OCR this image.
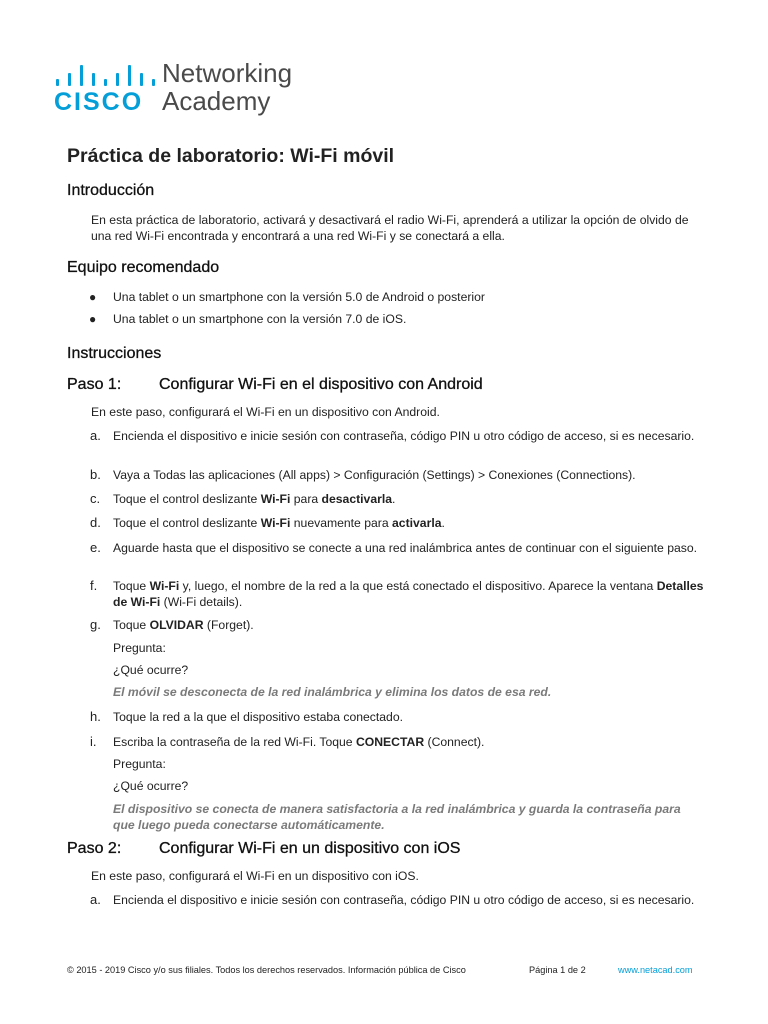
CISCO
Networking
Academy
Práctica de laboratorio: Wi-Fi móvil
Introducción

En esta práctica de laboratorio, activará y desactivará el radio Wi-Fi, aprenderá a utilizar la opción de olvido de una red Wi-Fi encontrada y encontrará a una red Wi-Fi y se conectará a ella.

Equipo recomendado
● Una tablet o un smartphone con la versión 5.0 de Android o posterior

● Una tablet o un smartphone con la versión 7.0 de iOS.

Instrucciones
Paso 1: Configurar Wi-Fi en el dispositivo con Android

En este paso, configurará el Wi-Fi en un dispositivo con Android.

a. Encienda el dispositivo e inicie sesión con contraseña, código PIN u otro código de acceso, si es necesario.

b. Vaya a Todas las aplicaciones (All apps) > Configuración (Settings) > Conexiones (Connections).

c. Toque el control deslizante Wi-Fi para desactivarla.

d. Toque el control deslizante Wi-Fi nuevamente para activarla.

e. Aguarde hasta que el dispositivo se conecte a una red inalámbrica antes de continuar con el siguiente paso.

f. Toque Wi-Fi y, luego, el nombre de la red a la que está conectado el dispositivo. Aparece la ventana Detalles de Wi-Fi (Wi-Fi details).

g. Toque OLVIDAR (Forget).

Pregunta:

¿Qué ocurre?

El móvil se desconecta de la red inalámbrica y elimina los datos de esa red.

h. Toque la red a la que el dispositivo estaba conectado.

i. Escriba la contraseña de la red Wi-Fi. Toque CONECTAR (Connect).

Pregunta:

¿Qué ocurre?

El dispositivo se conecta de manera satisfactoria a la red inalámbrica y guarda la contraseña para que luego pueda conectarse automáticamente.

Paso 2: Configurar Wi-Fi en un dispositivo con iOS

En este paso, configurará el Wi-Fi en un dispositivo con iOS.

a. Encienda el dispositivo e inicie sesión con contraseña, código PIN u otro código de acceso, si es necesario.

© 2015 - 2019 Cisco y/o sus filiales. Todos los derechos reservados. Información pública de Cisco	Página 1 de 2	www.netacad.com
